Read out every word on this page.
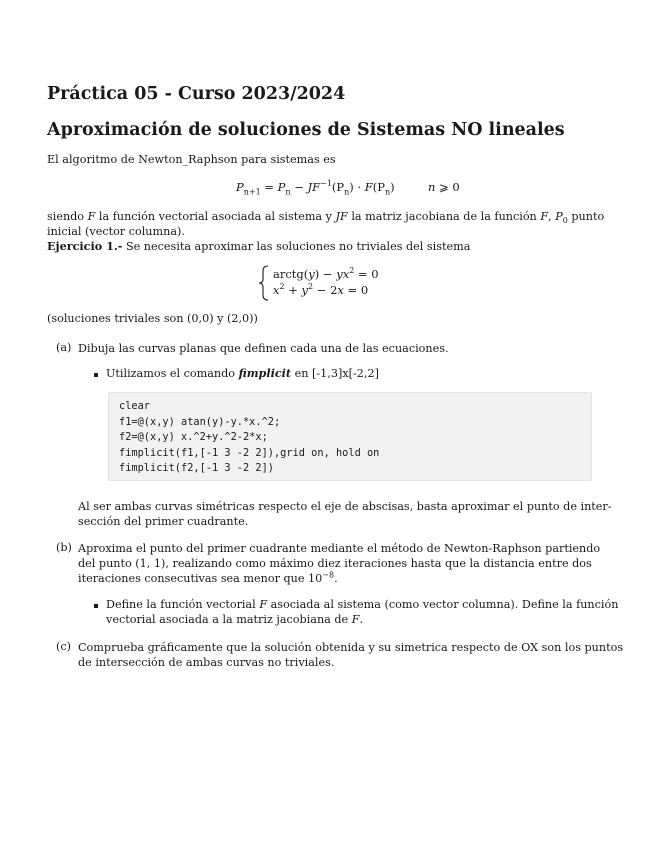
Práctica 05 - Curso 2023/2024
Aproximación de soluciones de Sistemas NO lineales

El algoritmo de Newton_Raphson para sistemas es

$P_{n+1} = P_n - JF^{-1}(P_n) \cdot F(P_n)$	n ⩾ 0

siendo F la función vectorial asociada al sistema y JF la matriz jacobiana de la función F, $P_0$ punto

inicial (vector columna).

Ejercicio 1.- Se necesita aproximar las soluciones no triviales del sistema

arctg(y) − $yx^2 = 0$
$x^2 + y^2 - 2x = 0$

(soluciones triviales son (0,0) y (2,0))

(a) Dibuja las curvas planas que definen cada una de las ecuaciones.

Utilizamos el comando fimplicit en [-1,3]x[-2,2]

clear
f1=@(x,y) atan(y)-y.*x.^2;
f2=@(x,y) x.^2+y.^2-2*x;
fimplicit(f1,[-1 3 -2 2]),grid on, hold on
fimplicit(f2,[-1 3 -2 2])

Al ser ambas curvas simétricas respecto el eje de abscisas, basta aproximar el punto de inter-

sección del primer cuadrante.

(b) Aproxima el punto del primer cuadrante mediante el método de Newton-Raphson partiendo

del punto (1, 1), realizando como máximo diez iteraciones hasta que la distancia entre dos

iteraciones consecutivas sea menor que $10^{-8}$.

Define la función vectorial F asociada al sistema (como vector columna). Define la función

vectorial asociada a la matriz jacobiana de F.

(c) Comprueba gráficamente que la solución obtenida y su simetrica respecto de OX son los puntos

de intersección de ambas curvas no triviales.
